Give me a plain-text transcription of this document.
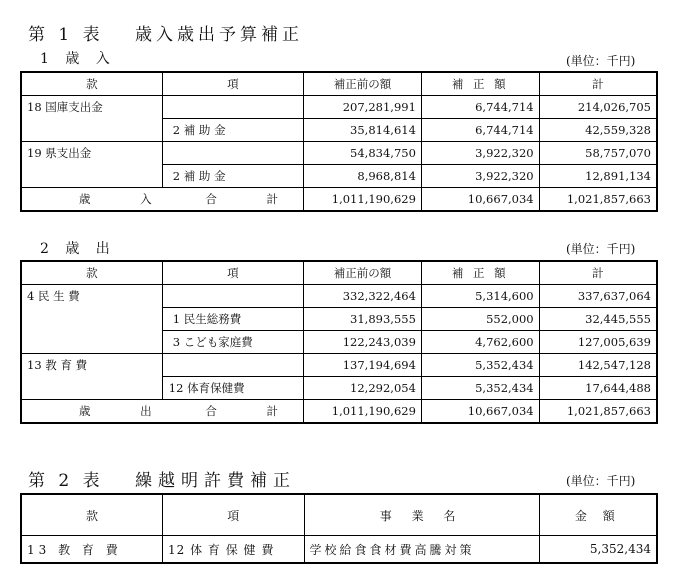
第 1 表 歳入歳出予算補正
1 歳 入	(単位：千円)
款	項	補正前の額	補 正 額	計
18 国庫支出金		207,281,991	6,744,714	214,026,705
	2 補 助 金	35,814,614	6,744,714	42,559,328
19 県支出金		54,834,750	3,922,320	58,757,070
	2 補 助 金	8,968,814	3,922,320	12,891,134
歳 入 合 計		1,011,190,629	10,667,034	1,021,857,663
2 歳 出	(単位：千円)
款	項	補正前の額	補 正 額	計
4 民 生 費		332,322,464	5,314,600	337,637,064
	1 民生総務費	31,893,555	552,000	32,445,555
	3 こども家庭費	122,243,039	4,762,600	127,005,639
13 教 育 費		137,194,694	5,352,434	142,547,128
	12 体育保健費	12,292,054	5,352,434	17,644,488
歳 出 合 計		1,011,190,629	10,667,034	1,021,857,663
第 2 表 繰越明許費補正	(単位：千円)
款	項	事 業 名	金 額
13 教 育 費	12 体 育 保 健 費	学校給食食材費高騰対策	5,352,434
